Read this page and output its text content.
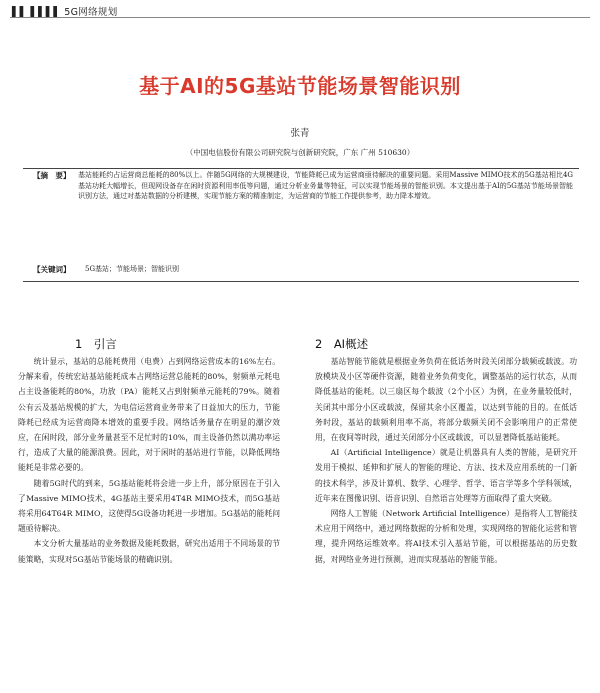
▌▌ ▌▌▌▌ 5G网络规划
基于AI的5G基站节能场景智能识别
张青
（中国电信股份有限公司研究院与创新研究院，广东 广州 510630）
【摘　要】 基站能耗约占运营商总能耗的80%以上。伴随5G网络的大规模建设，节能降耗已成为运营商亟待解决的重要问题。采用Massive MIMO技术的5G基站相比4G基站功耗大幅增长，但现网设备存在闲时资源利用率低等问题，通过分析业务量等特征，可以实现节能场景的智能识别。本文提出基于AI的5G基站节能场景智能识别方法，通过对基站数据的分析建模，实现节能方案的精准制定，为运营商的节能工作提供参考，助力降本增效。
【关键词】 5G基站；节能场景；智能识别
1　引言	2　AI概述

统计显示，基站的总能耗费用（电费）占到网络运营成本的16%左右。分解来看，传统宏站基站能耗成本占网络运营总能耗的80%，射频单元耗电占主设备能耗的80%，功放（PA）能耗又占到射频单元能耗的79%。随着公有云及基站规模的扩大，为电信运营商业务带来了日益加大的压力，节能降耗已经成为运营商降本增效的重要手段。网络话务量存在明显的潮汐效应，在闲时段，部分业务量甚至不足忙时的10%，而主设备仍然以满功率运行，造成了大量的能源浪费。因此，对于闲时的基站进行节能，以降低网络能耗是非常必要的。

随着5G时代的到来，5G基站能耗将会进一步上升，部分原因在于引入了Massive MIMO技术，4G基站主要采用4T4R MIMO技术，而5G基站将采用64T64R MIMO，这使得5G设备功耗进一步增加。5G基站的能耗问题亟待解决。

本文分析大量基站的业务数据及能耗数据，研究出适用于不同场景的节能策略，实现对5G基站节能场景的精确识别。

基站智能节能就是根据业务负荷在低话务时段关闭部分载频或载波。功放模块及小区等硬件资源，随着业务负荷变化，调整基站的运行状态，从而降低基站的能耗。以三扇区每个载波（2个小区）为例，在业务量较低时，关闭其中部分小区或载波，保留其余小区覆盖，以达到节能的目的。在低话务时段，基站的载频利用率不高，将部分载频关闭不会影响用户的正常使用，在夜间等时段，通过关闭部分小区或载波，可以显著降低基站能耗。

AI（Artificial Intelligence）就是让机器具有人类的智能，是研究开发用于模拟、延伸和扩展人的智能的理论、方法、技术及应用系统的一门新的技术科学，涉及计算机、数学、心理学、哲学、语言学等多个学科领域，近年来在图像识别、语音识别、自然语言处理等方面取得了重大突破。

网络人工智能（Network Artificial Intelligence）是指将人工智能技术应用于网络中，通过网络数据的分析和处理，实现网络的智能化运营和管理，提升网络运维效率。将AI技术引入基站节能，可以根据基站的历史数据，对网络业务进行预测，进而实现基站的智能节能。
